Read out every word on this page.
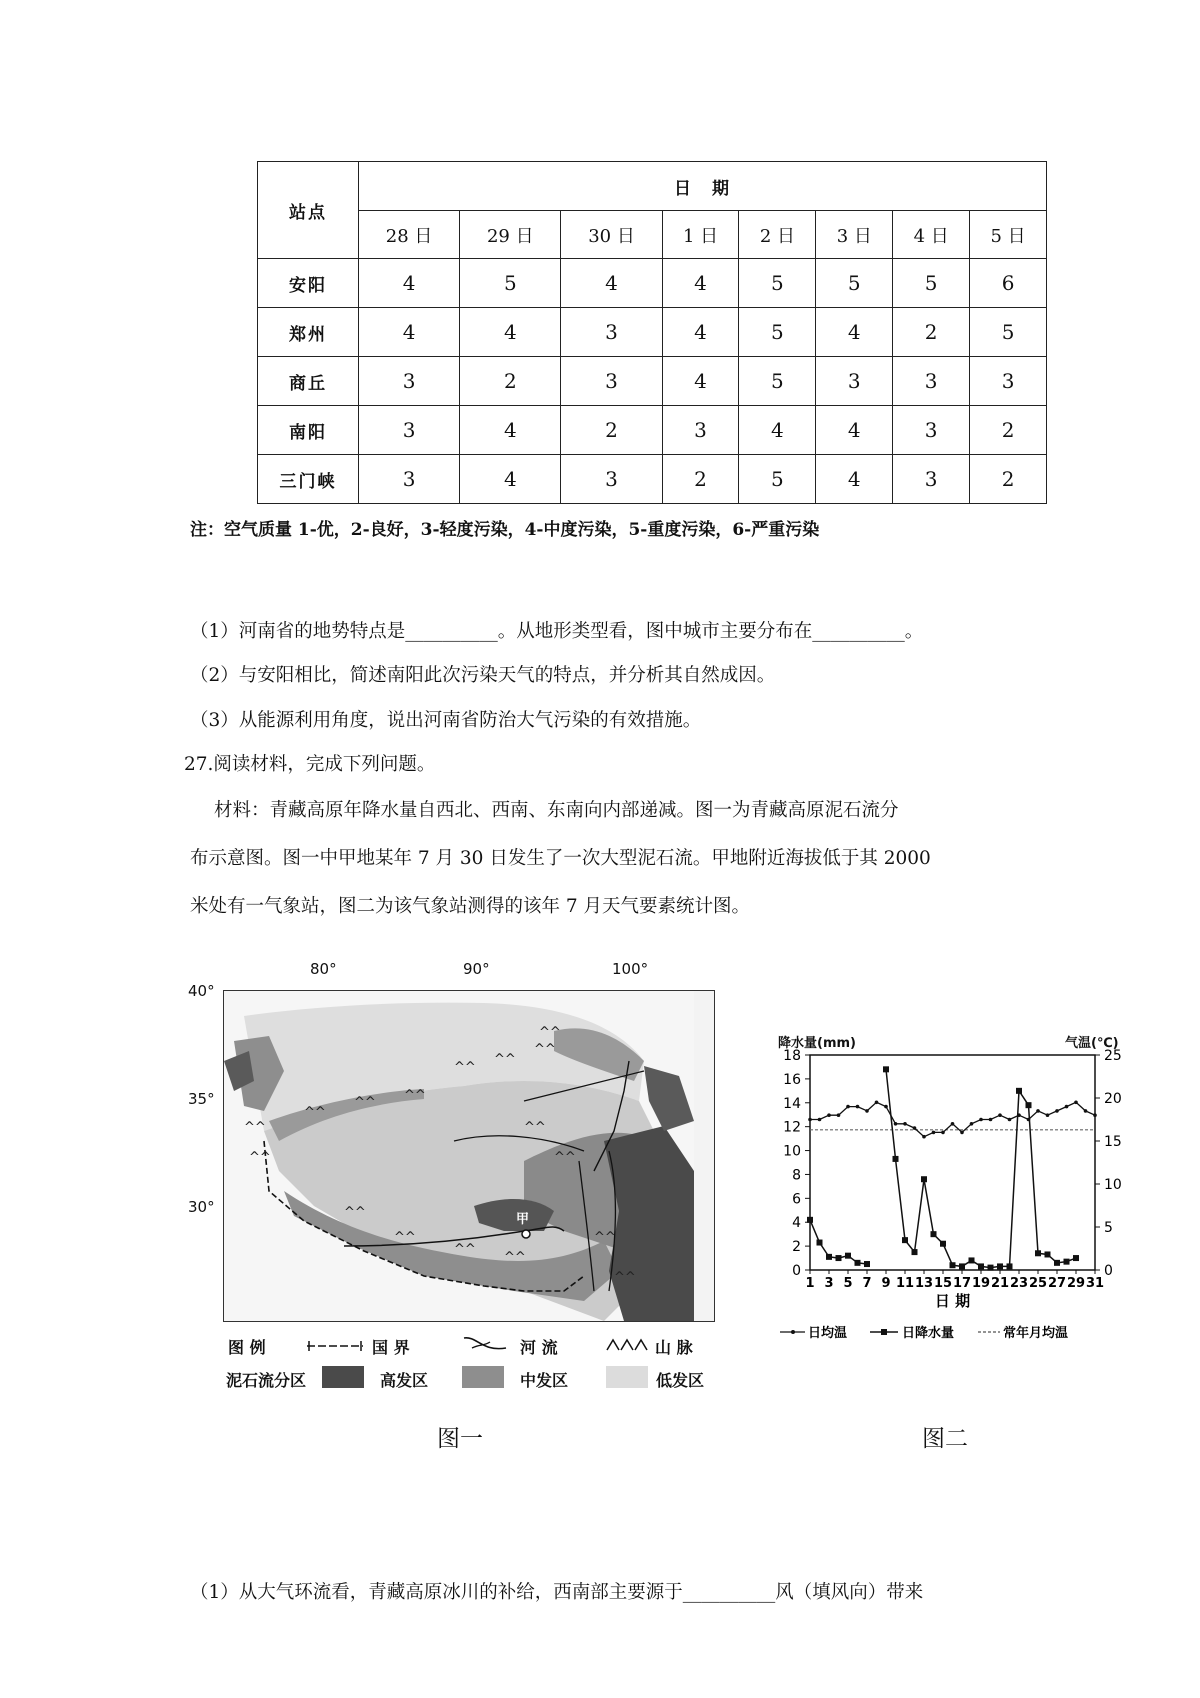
站点	日　期							
	28 日	29 日	30 日	1 日	2 日	3 日	4 日	5 日
安阳	4	5	4	4	5	5	5	6
郑州	4	4	3	4	5	4	2	5
商丘	3	2	3	4	5	3	3	3
南阳	3	4	2	3	4	4	3	2
三门峡	3	4	3	2	5	4	3	2
注：空气质量 1-优，2-良好，3-轻度污染，4-中度污染，5-重度污染，6-严重污染
（1）河南省的地势特点是__________。从地形类型看，图中城市主要分布在__________。
（2）与安阳相比，简述南阳此次污染天气的特点，并分析其自然成因。
（3）从能源利用角度，说出河南省防治大气污染的有效措施。
27.阅读材料，完成下列问题。
材料：青藏高原年降水量自西北、西南、东南向内部递减。图一为青藏高原泥石流分
布示意图。图一中甲地某年 7 月 30 日发生了一次大型泥石流。甲地附近海拔低于其 2000
米处有一气象站，图二为该气象站测得的该年 7 月天气要素统计图。
80°	90°	100°
40°
35°
30°
^^
^^ ^^
^^
^^
^^
^^
^^
^^
^^
^^
^^
^^
^^
^^
^^
^^
甲
图 例	国 界	河 流	山 脉
泥石流分区	高发区	中发区	低发区
图一
降水量(mm)	气温(℃)
0
2
4
6
8
10
12
14
16
18
0
5
10
15
20
25
1 3 5 7 9 11 13 15 17 19 21 23 25 27 29 31
日 期
日均温	日降水量	常年月均温
图二
（1）从大气环流看，青藏高原冰川的补给，西南部主要源于__________风（填风向）带来
